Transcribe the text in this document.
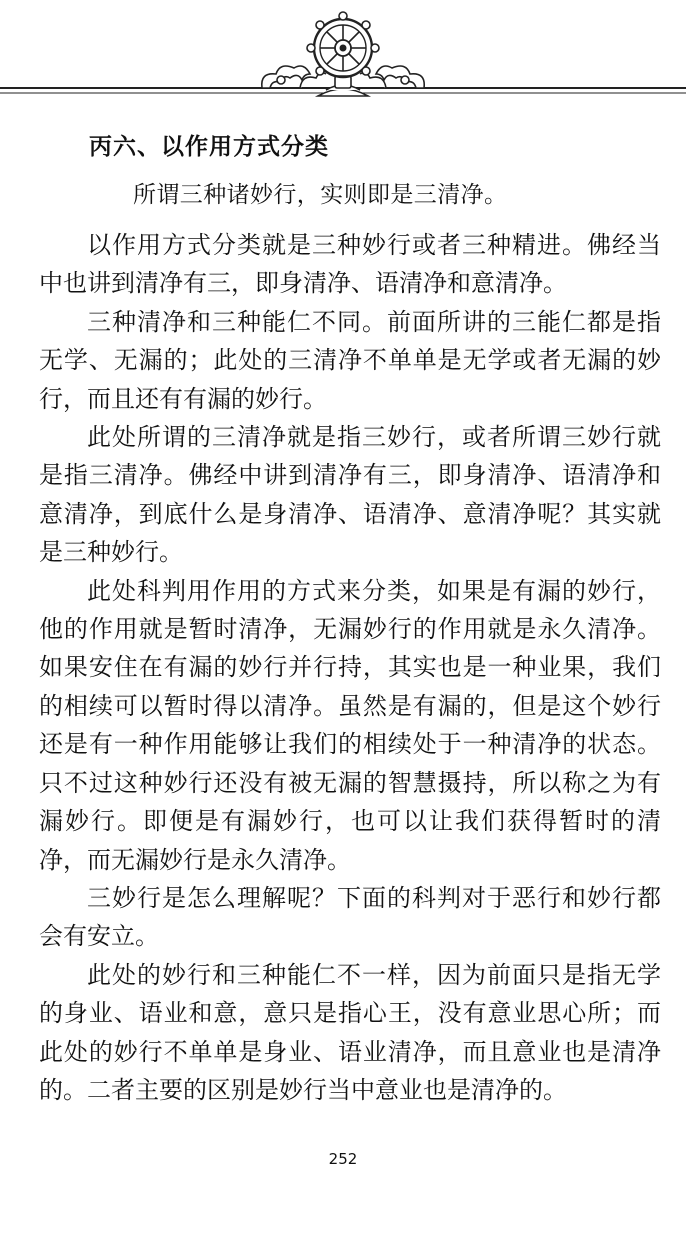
丙六、以作用方式分类
所谓三种诸妙行，实则即是三清净。

以作用方式分类就是三种妙行或者三种精进。佛经当中也讲到清净有三，即身清净、语清净和意清净。

三种清净和三种能仁不同。前面所讲的三能仁都是指无学、无漏的；此处的三清净不单单是无学或者无漏的妙行，而且还有有漏的妙行。

此处所谓的三清净就是指三妙行，或者所谓三妙行就是指三清净。佛经中讲到清净有三，即身清净、语清净和意清净，到底什么是身清净、语清净、意清净呢？其实就是三种妙行。

此处科判用作用的方式来分类，如果是有漏的妙行，他的作用就是暂时清净，无漏妙行的作用就是永久清净。如果安住在有漏的妙行并行持，其实也是一种业果，我们的相续可以暂时得以清净。虽然是有漏的，但是这个妙行还是有一种作用能够让我们的相续处于一种清净的状态。只不过这种妙行还没有被无漏的智慧摄持，所以称之为有漏妙行。即便是有漏妙行，也可以让我们获得暂时的清净，而无漏妙行是永久清净。

三妙行是怎么理解呢？下面的科判对于恶行和妙行都会有安立。

此处的妙行和三种能仁不一样，因为前面只是指无学的身业、语业和意，意只是指心王，没有意业思心所；而此处的妙行不单单是身业、语业清净，而且意业也是清净的。二者主要的区别是妙行当中意业也是清净的。

252
